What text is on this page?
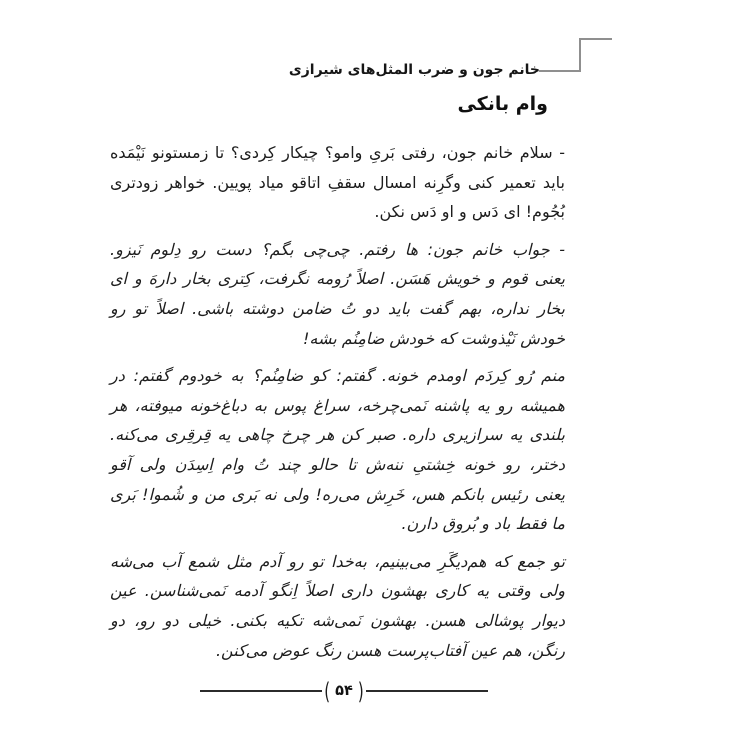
خانم جون و ضرب المثل‌های شیرازی
وام بانکی
- سلام خانم جون، رفتی بَریِ وامو؟ چیکار کِردی؟ تا زمستونو نَیْمَده
باید تعمیر کنی وگرِنه امسال سقفِ اتاقو میاد پویین. خواهر زودتری
بُجُوم! ای دَس و او دَس نکن.
- جواب خانم جون: ها رفتم. چی‌چی بگم؟ دست رو دِلوم نَیزو.
یعنی قوم و خویش هَسَن. اصلاً رُومه نگرفت، کِتری بخار دارهَ و ای
بخار نداره، بهم گفت باید دو تُ ضامن دوشته باشی. اصلاً تو رو
خودش نَیْذوشت که خودش ضامِنُم بشه!
منم رُو کِردَم اومدم خونه. گفتم: کو ضامِنُم؟ به خودوم گفتم: در
همیشه رو یه پاشنه نَمی‌چرخه، سراغ پوس به دباغ‌خونه میوفته، هر
بلندی یه سرازیری داره. صبر کن هر چرخ چاهی یه قِرقِری می‌کنه.
دختر، رو خونه خِشتیِ ننه‌ش تا حالو چند تُ وام اِسِدَن ولی آقو
یعنی رئیس بانکم هس، خَرِش می‌ره! ولی نه بَری من و شُموا! بَری
ما فقط باد و بُروق دارن.
تو جمع که هم‌دیگَرِ می‌بینیم، به‌خدا تو رو آدم مثل شمع آب می‌شه
ولی وقتی یه کاری بهشون داری اصلاً اِنگو آدمه نَمی‌شناسن. عین
دیوار پوشالی هسن. بهشون نَمی‌شه تکیه بکنی. خیلی دو رو، دو
رنگن، هم عین آفتاب‌پرست هسن رنگ عوض می‌کنن.
( ۵۴ )
